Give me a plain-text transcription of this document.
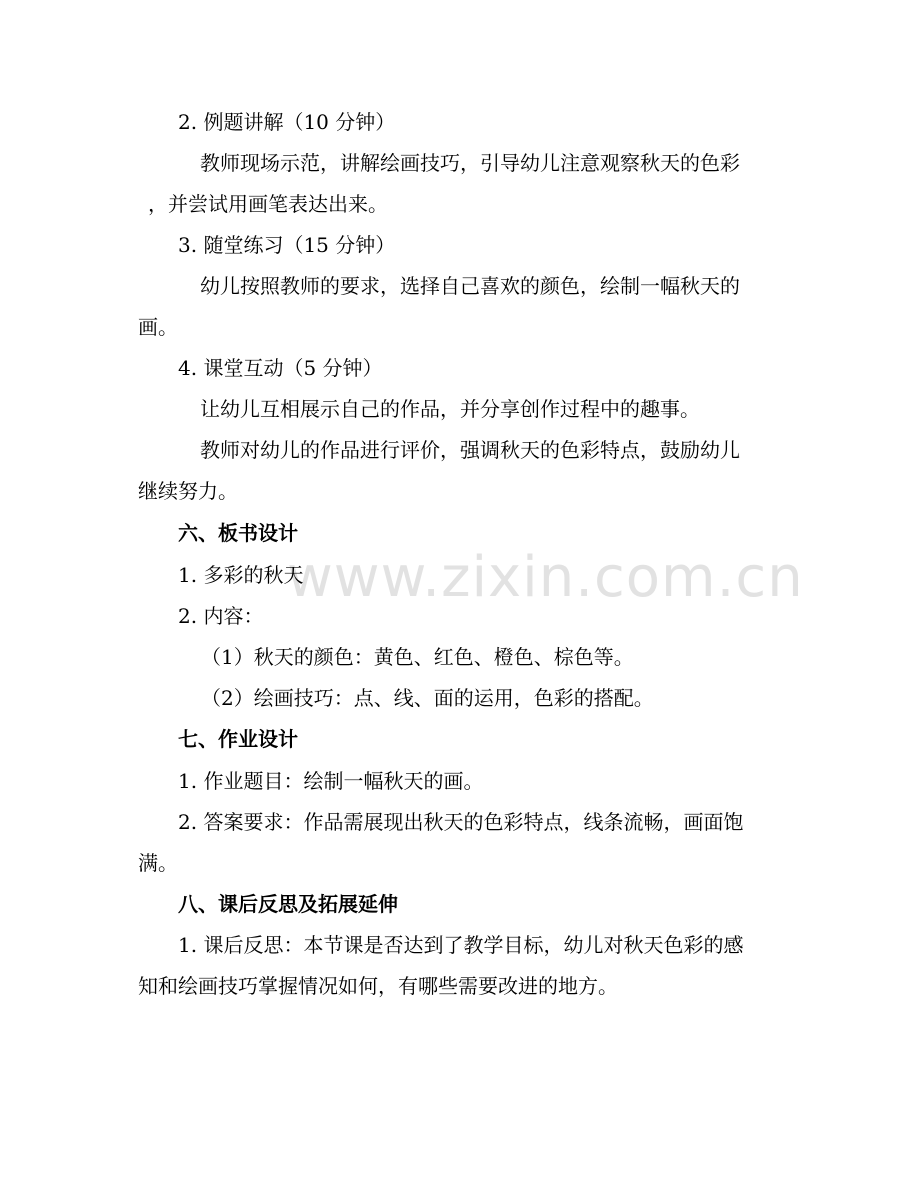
www.zixin.com.cn
2. 例题讲解（10 分钟）
教师现场示范，讲解绘画技巧，引导幼儿注意观察秋天的色彩
，并尝试用画笔表达出来。
3. 随堂练习（15 分钟）
幼儿按照教师的要求，选择自己喜欢的颜色，绘制一幅秋天的
画。
4. 课堂互动（5 分钟）
让幼儿互相展示自己的作品，并分享创作过程中的趣事。
教师对幼儿的作品进行评价，强调秋天的色彩特点，鼓励幼儿
继续努力。
六、板书设计
1. 多彩的秋天
2. 内容：
（1）秋天的颜色：黄色、红色、橙色、棕色等。
（2）绘画技巧：点、线、面的运用，色彩的搭配。
七、作业设计
1. 作业题目：绘制一幅秋天的画。
2. 答案要求：作品需展现出秋天的色彩特点，线条流畅，画面饱
满。
八、课后反思及拓展延伸
1. 课后反思：本节课是否达到了教学目标，幼儿对秋天色彩的感
知和绘画技巧掌握情况如何，有哪些需要改进的地方。
